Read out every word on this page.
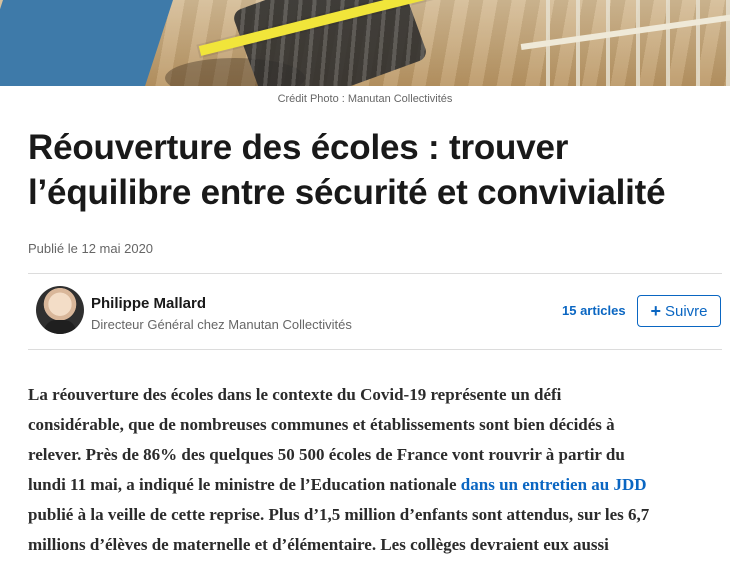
Crédit Photo : Manutan Collectivités
Réouverture des écoles : trouver l’équilibre entre sécurité et convivialité
Publié le 12 mai 2020
Philippe Mallard
Directeur Général chez Manutan Collectivités
15 articles + Suivre
La réouverture des écoles dans le contexte du Covid-19 représente un défi
considérable, que de nombreuses communes et établissements sont bien décidés à
relever. Près de 86% des quelques 50 500 écoles de France vont rouvrir à partir du
lundi 11 mai, a indiqué le ministre de l’Education nationale dans un entretien au JDD
publié à la veille de cette reprise. Plus d’1,5 million d’enfants sont attendus, sur les 6,7
millions d’élèves de maternelle et d’élémentaire. Les collèges devraient eux aussi
